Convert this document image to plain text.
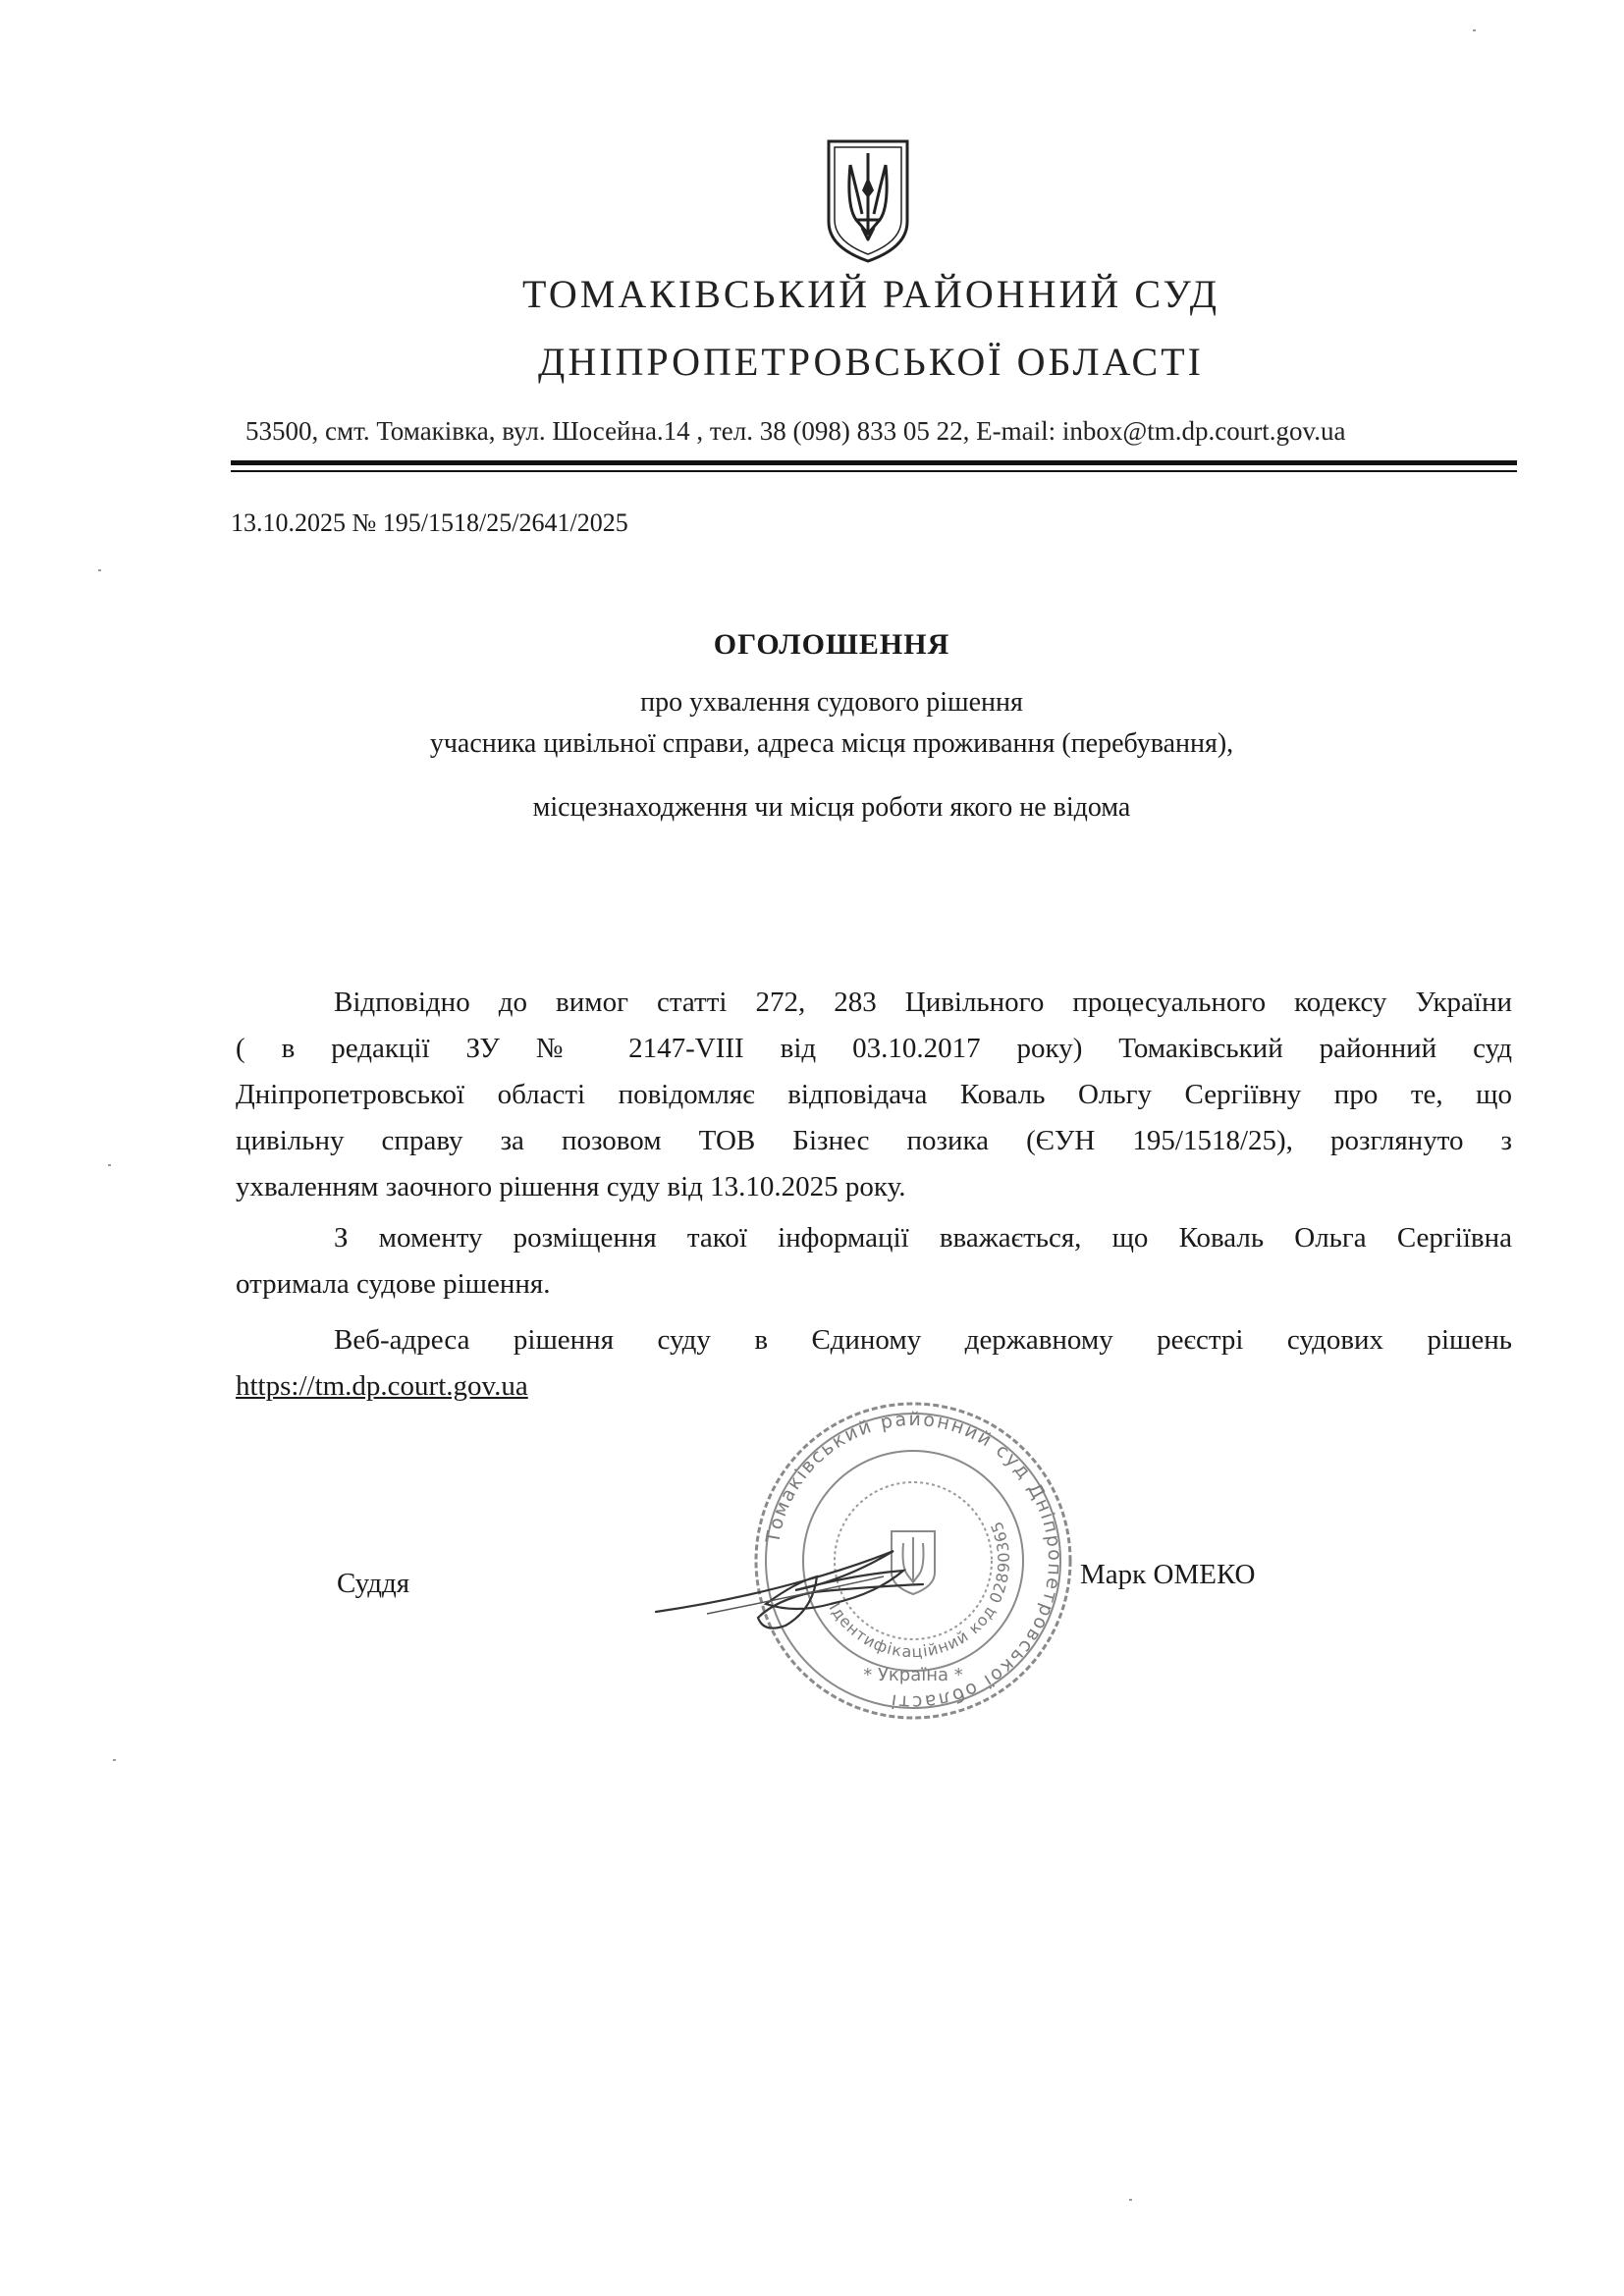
ТОМАКІВСЬКИЙ РАЙОННИЙ СУД
ДНІПРОПЕТРОВСЬКОЇ ОБЛАСТІ
53500, смт. Томаківка, вул. Шосейна.14 , тел. 38 (098) 833 05 22, E-mail: inbox@tm.dp.court.gov.ua
13.10.2025 № 195/1518/25/2641/2025
ОГОЛОШЕННЯ
про ухвалення судового рішення
учасника цивільної справи, адреса місця проживання (перебування),
місцезнаходження чи місця роботи якого не відома
Відповідно до вимог статті 272, 283 Цивільного процесуального кодексу України
( в редакції ЗУ № 2147-VIII від 03.10.2017 року) Томаківський районний суд
Дніпропетровської області повідомляє відповідача Коваль Ольгу Сергіївну про те, що
цивільну справу за позовом ТОВ Бізнес позика (ЄУН 195/1518/25), розглянуто з
ухваленням заочного рішення суду від 13.10.2025 року.
З моменту розміщення такої інформації вважається, що Коваль Ольга Сергіївна
отримала судове рішення.
Веб-адреса рішення суду в Єдиному державному реєстрі судових рішень
https://tm.dp.court.gov.ua
Томаківський районний суд Дніпропетровської області
Ідентифікаційний код 02890365
* Україна *
Суддя	Марк ОМЕКО
